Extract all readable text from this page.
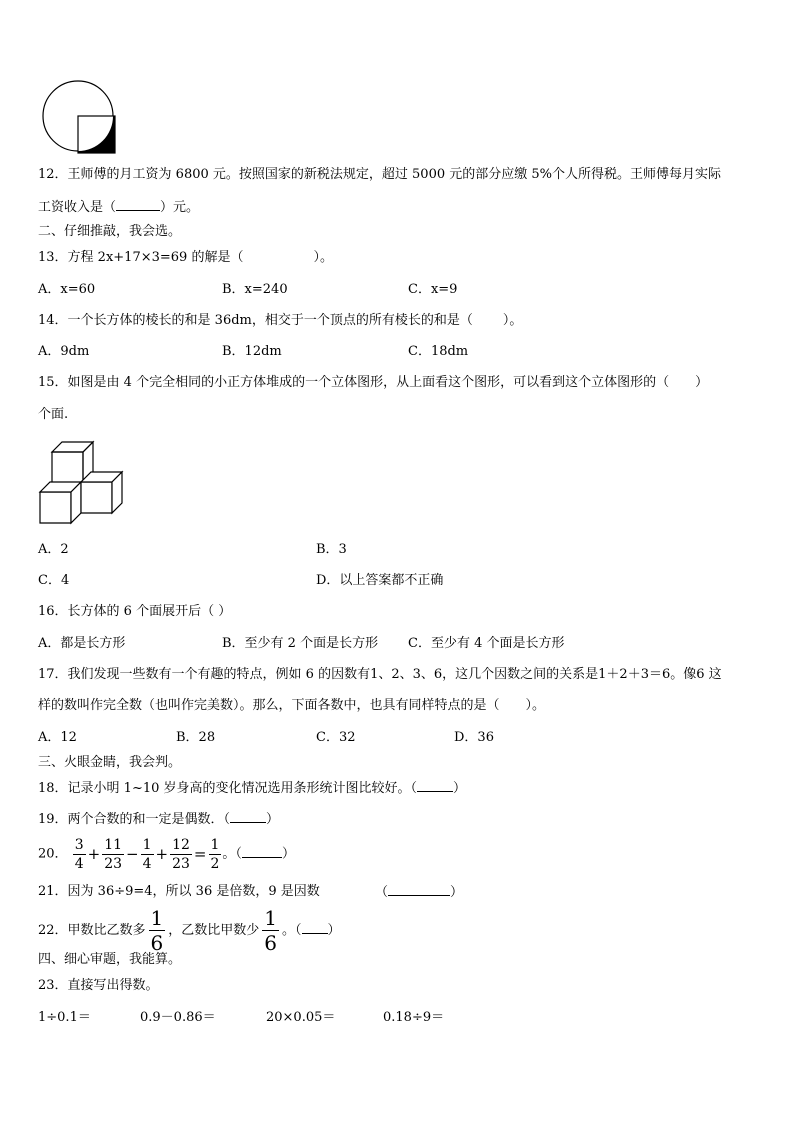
12．王师傅的月工资为 6800 元。按照国家的新税法规定，超过 5000 元的部分应缴 5%个人所得税。王师傅每月实际
工资收入是（	）元。
二、仔细推敲，我会选。
13．方程 2x+17×3=69 的解是（	）。
A．x=60	B．x=240	C．x=9
14．一个长方体的棱长的和是 36dm，相交于一个顶点的所有棱长的和是（ ）。
A．9dm	B．12dm	C．18dm
15．如图是由 4 个完全相同的小正方体堆成的一个立体图形，从上面看这个图形，可以看到这个立体图形的（ ）
个面.
A．2	B．3
C．4	D．以上答案都不正确
16．长方体的 6 个面展开后（ ）
A．都是长方形	B．至少有 2 个面是长方形 C．至少有 4 个面是长方形
17．我们发现一些数有一个有趣的特点，例如 6 的因数有1、2、3、6，这几个因数之间的关系是1＋2＋3＝6。像6 这
样的数叫作完全数（也叫作完美数）。那么，下面各数中，也具有同样特点的是（ ）。
A．12	B．28	C．32	D．36
三、火眼金睛，我会判。
18．记录小明 1~10 岁身高的变化情况选用条形统计图比较好。（	）
19．两个合数的和一定是偶数．（	）
20． $\frac{3}{4} + \frac{11}{23} - \frac{1}{4} + \frac{12}{23} = \frac{1}{2}$ 。（	）
21．因为 36÷9=4，所以 36 是倍数，9 是因数	（	）
22．甲数比乙数多 $\frac{1}{6}$ ，乙数比甲数少 $\frac{1}{6}$ 。（ ）
四、细心审题，我能算。
23．直接写出得数。
1÷0.1＝	0.9－0.86＝	20×0.05＝	0.18÷9＝
